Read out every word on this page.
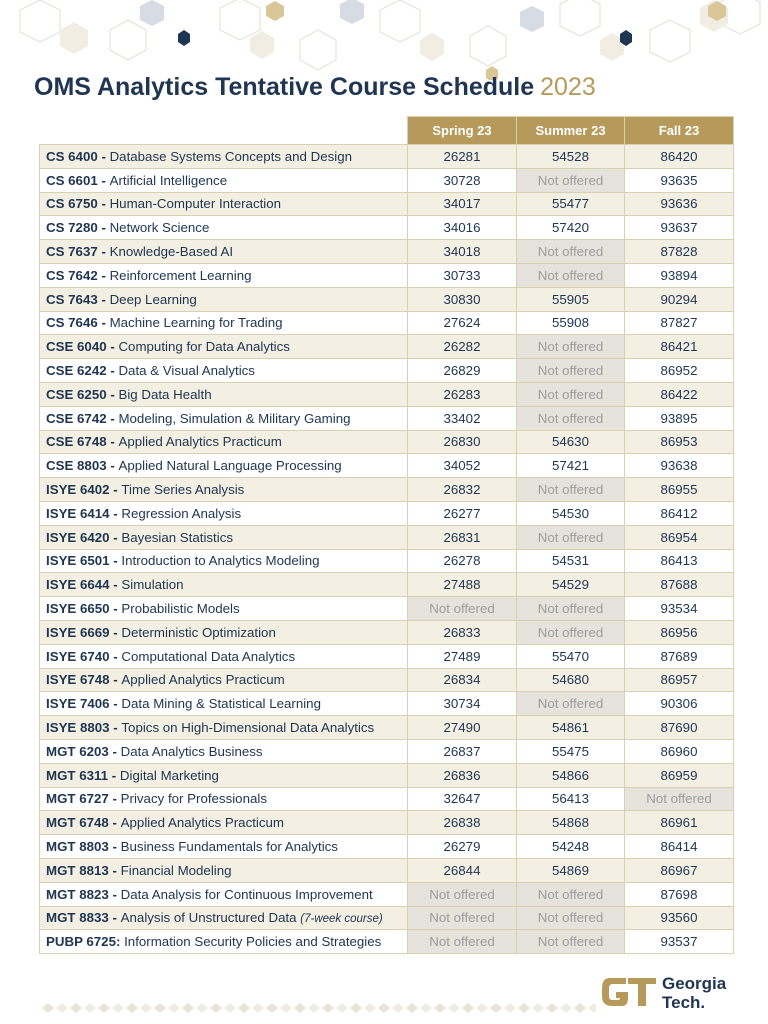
OMS Analytics Tentative Course Schedule 2023
	Spring 23	Summer 23	Fall 23
CS 6400 - Database Systems Concepts and Design	26281	54528	86420
CS 6601 - Artificial Intelligence	30728	Not offered	93635
CS 6750 - Human-Computer Interaction	34017	55477	93636
CS 7280 - Network Science	34016	57420	93637
CS 7637 - Knowledge-Based AI	34018	Not offered	87828
CS 7642 - Reinforcement Learning	30733	Not offered	93894
CS 7643 - Deep Learning	30830	55905	90294
CS 7646 - Machine Learning for Trading	27624	55908	87827
CSE 6040 - Computing for Data Analytics	26282	Not offered	86421
CSE 6242 - Data & Visual Analytics	26829	Not offered	86952
CSE 6250 - Big Data Health	26283	Not offered	86422
CSE 6742 - Modeling, Simulation & Military Gaming	33402	Not offered	93895
CSE 6748 - Applied Analytics Practicum	26830	54630	86953
CSE 8803 - Applied Natural Language Processing	34052	57421	93638
ISYE 6402 - Time Series Analysis	26832	Not offered	86955
ISYE 6414 - Regression Analysis	26277	54530	86412
ISYE 6420 - Bayesian Statistics	26831	Not offered	86954
ISYE 6501 - Introduction to Analytics Modeling	26278	54531	86413
ISYE 6644 - Simulation	27488	54529	87688
ISYE 6650 - Probabilistic Models	Not offered	Not offered	93534
ISYE 6669 - Deterministic Optimization	26833	Not offered	86956
ISYE 6740 - Computational Data Analytics	27489	55470	87689
ISYE 6748 - Applied Analytics Practicum	26834	54680	86957
ISYE 7406 - Data Mining & Statistical Learning	30734	Not offered	90306
ISYE 8803 - Topics on High-Dimensional Data Analytics	27490	54861	87690
MGT 6203 - Data Analytics Business	26837	55475	86960
MGT 6311 - Digital Marketing	26836	54866	86959
MGT 6727 - Privacy for Professionals	32647	56413	Not offered
MGT 6748 - Applied Analytics Practicum	26838	54868	86961
MGT 8803 - Business Fundamentals for Analytics	26279	54248	86414
MGT 8813 - Financial Modeling	26844	54869	86967
MGT 8823 - Data Analysis for Continuous Improvement	Not offered	Not offered	87698
MGT 8833 - Analysis of Unstructured Data (7-week course)	Not offered	Not offered	93560
PUBP 6725: Information Security Policies and Strategies	Not offered	Not offered	93537
Georgia
Tech.
